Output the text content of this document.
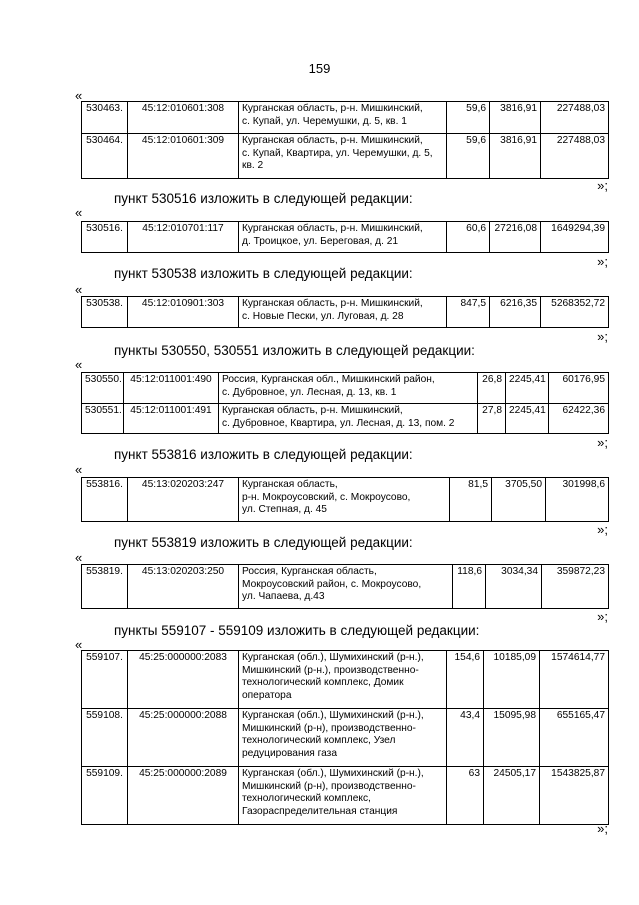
159
«
530463.	45:12:010601:308	Курганская область, р-н. Мишкинский,
с. Купай, ул. Черемушки, д. 5, кв. 1	59,6	3816,91	227488,03
530464.	45:12:010601:309	Курганская область, р-н. Мишкинский,
с. Купай, Квартира, ул. Черемушки, д. 5,
кв. 2	59,6	3816,91	227488,03
»;
пункт 530516 изложить в следующей редакции:
«
530516.	45:12:010701:117	Курганская область, р-н. Мишкинский,
д. Троицкое, ул. Береговая, д. 21	60,6	27216,08	1649294,39
»;
пункт 530538 изложить в следующей редакции:
«
530538.	45:12:010901:303	Курганская область, р-н. Мишкинский,
с. Новые Пески, ул. Луговая, д. 28	847,5	6216,35	5268352,72
»;
пункты 530550, 530551 изложить в следующей редакции:
«
530550.	45:12:011001:490	Россия, Курганская обл., Мишкинский район,
с. Дубровное, ул. Лесная, д. 13, кв. 1	26,8	2245,41	60176,95
530551.	45:12:011001:491	Курганская область, р-н. Мишкинский,
с. Дубровное, Квартира, ул. Лесная, д. 13, пом. 2	27,8	2245,41	62422,36
»;
пункт 553816 изложить в следующей редакции:
«
553816.	45:13:020203:247	Курганская область,
р-н. Мокроусовский, с. Мокроусово,
ул. Степная, д. 45	81,5	3705,50	301998,6
»;
пункт 553819 изложить в следующей редакции:
«
553819.	45:13:020203:250	Россия, Курганская область,
Мокроусовский район, с. Мокроусово,
ул. Чапаева, д.43	118,6	3034,34	359872,23
»;
пункты 559107 - 559109 изложить в следующей редакции:
«
559107.	45:25:000000:2083	Курганская (обл.), Шумихинский (р-н.),
Мишкинский (р-н.), производственно-
технологический комплекс, Домик
оператора	154,6	10185,09	1574614,77
559108.	45:25:000000:2088	Курганская (обл.), Шумихинский (р-н.),
Мишкинский (р-н), производственно-
технологический комплекс, Узел
редуцирования газа	43,4	15095,98	655165,47
559109.	45:25:000000:2089	Курганская (обл.), Шумихинский (р-н.),
Мишкинский (р-н), производственно-
технологический комплекс,
Газораспределительная станция	63	24505,17	1543825,87
»;
